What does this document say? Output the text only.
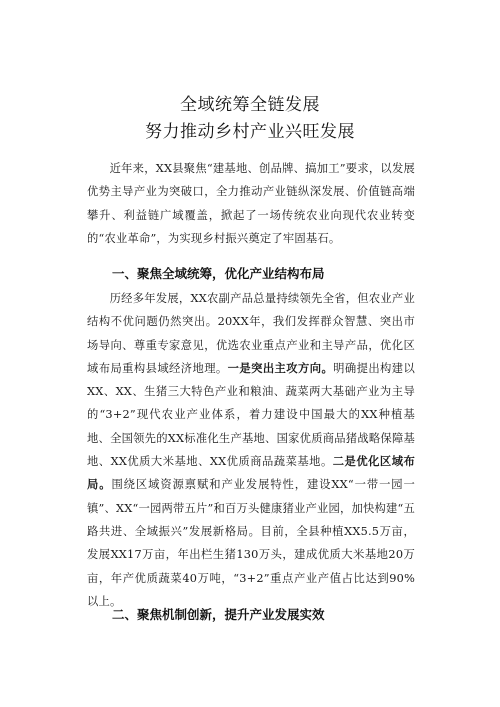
全域统筹全链发展
努力推动乡村产业兴旺发展

近年来，XX县聚焦“建基地、创品牌、搞加工”要求，以发展优势主导产业为突破口，全力推动产业链纵深发展、价值链高端攀升、利益链广域覆盖，掀起了一场传统农业向现代农业转变的“农业革命”，为实现乡村振兴奠定了牢固基石。

一、聚焦全域统筹，优化产业结构布局

历经多年发展，XX农副产品总量持续领先全省，但农业产业结构不优问题仍然突出。20XX年，我们发挥群众智慧、突出市场导向、尊重专家意见，优选农业重点产业和主导产品，优化区域布局重构县域经济地理。一是突出主攻方向。明确提出构建以XX、XX、生猪三大特色产业和粮油、蔬菜两大基础产业为主导的“3+2”现代农业产业体系，着力建设中国最大的XX种植基地、全国领先的XX标准化生产基地、国家优质商品猪战略保障基地、XX优质大米基地、XX优质商品蔬菜基地。二是优化区域布局。围绕区域资源禀赋和产业发展特性，建设XX“一带一园一镇”、XX“一园两带五片”和百万头健康猪业产业园，加快构建“五路共进、全域振兴”发展新格局。目前，全县种植XX5.5万亩，发展XX17万亩，年出栏生猪130万头，建成优质大米基地20万亩，年产优质蔬菜40万吨，“3+2”重点产业产值占比达到90%以上。

二、聚焦机制创新，提升产业发展实效
